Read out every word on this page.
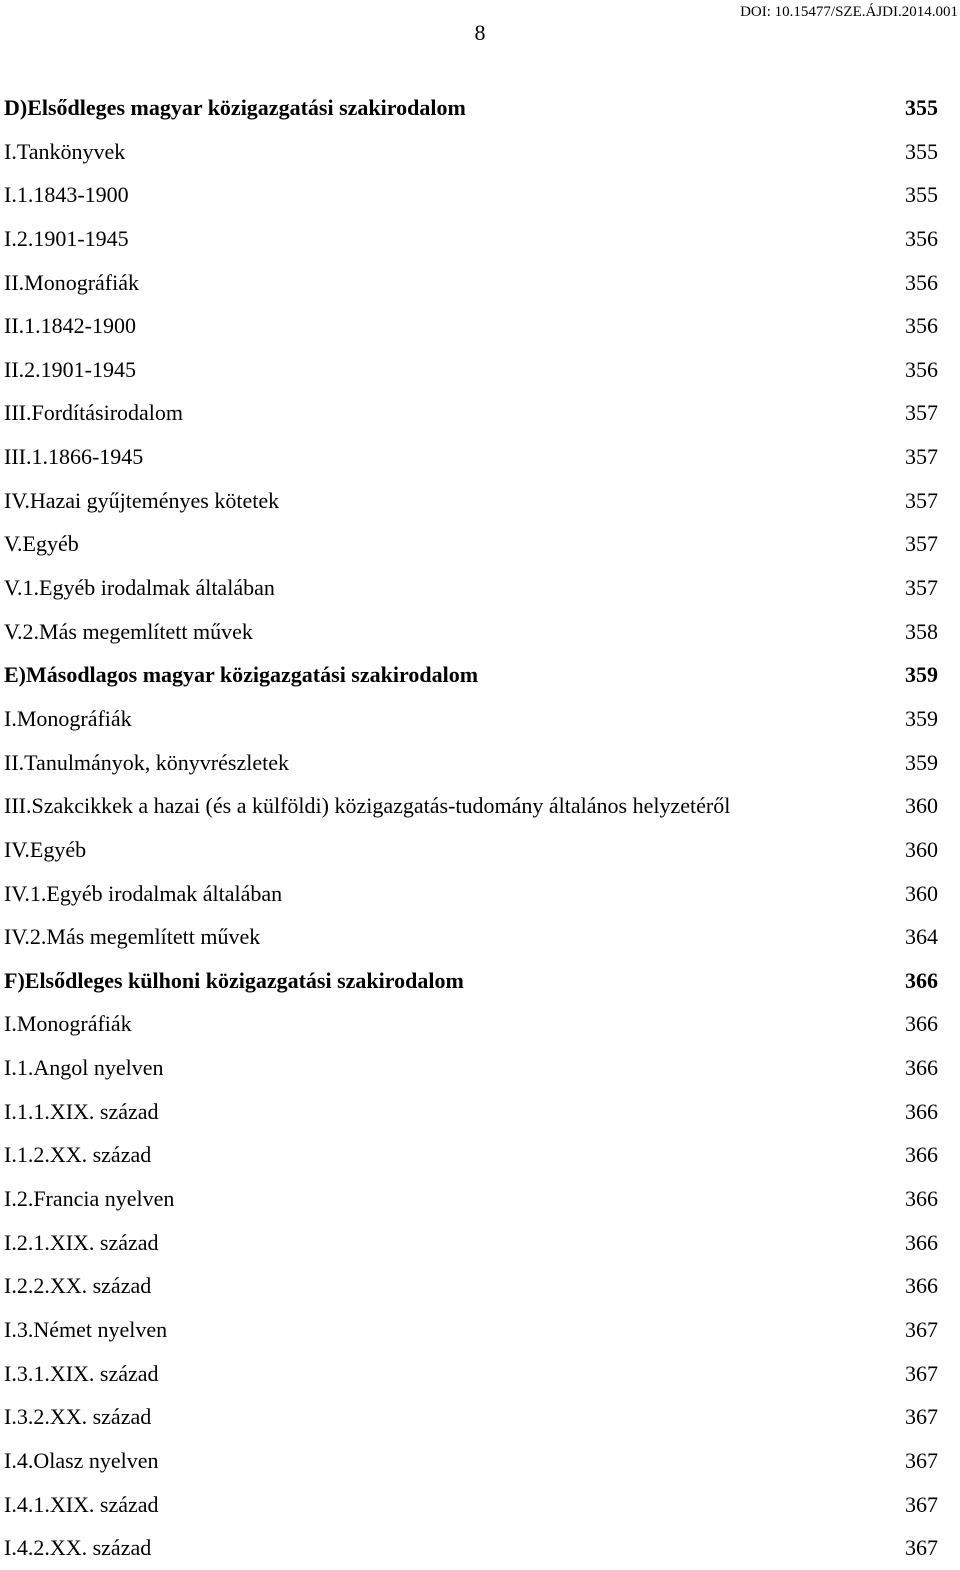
DOI: 10.15477/SZE.ÁJDI.2014.001
8
D)Elsődleges magyar közigazgatási szakirodalom	355
I.Tankönyvek	355
I.1.1843-1900	355
I.2.1901-1945	356
II.Monográfiák	356
II.1.1842-1900	356
II.2.1901-1945	356
III.Fordításirodalom	357
III.1.1866-1945	357
IV.Hazai gyűjteményes kötetek	357
V.Egyéb	357
V.1.Egyéb irodalmak általában	357
V.2.Más megemlített művek	358
E)Másodlagos magyar közigazgatási szakirodalom	359
I.Monográfiák	359
II.Tanulmányok, könyvrészletek	359
III.Szakcikkek a hazai (és a külföldi) közigazgatás-tudomány általános helyzetéről	360
IV.Egyéb	360
IV.1.Egyéb irodalmak általában	360
IV.2.Más megemlített művek	364
F)Elsődleges külhoni közigazgatási szakirodalom	366
I.Monográfiák	366
I.1.Angol nyelven	366
I.1.1.XIX. század	366
I.1.2.XX. század	366
I.2.Francia nyelven	366
I.2.1.XIX. század	366
I.2.2.XX. század	366
I.3.Német nyelven	367
I.3.1.XIX. század	367
I.3.2.XX. század	367
I.4.Olasz nyelven	367
I.4.1.XIX. század	367
I.4.2.XX. század	367
